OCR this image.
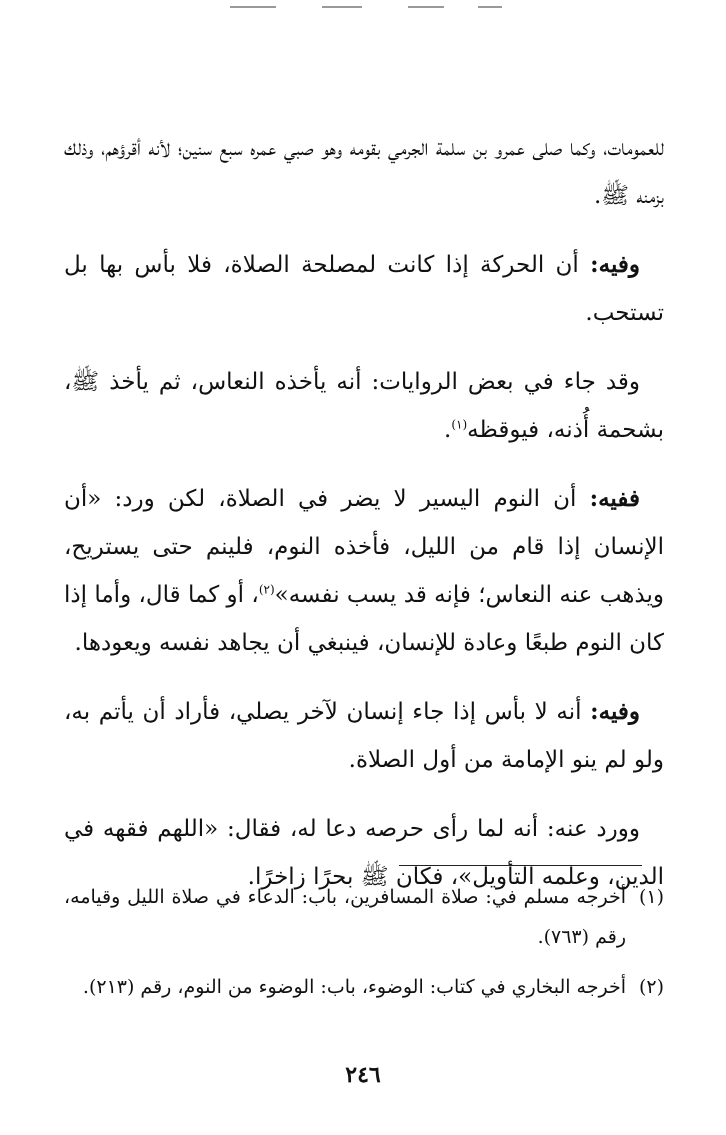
للعمومات، وكما صلى عمرو بن سلمة الجرمي بقومه وهو صبي عمره سبع سنين؛ لأنه أقرؤهم، وذلك بزمنه ﷺ.

وفيه: أن الحركة إذا كانت لمصلحة الصلاة، فلا بأس بها بل تستحب.

وقد جاء في بعض الروايات: أنه يأخذه النعاس، ثم يأخذ ﷺ، بشحمة أُذنه، فيوقظه$^{(١)}$.

ففيه: أن النوم اليسير لا يضر في الصلاة، لكن ورد: «أن الإنسان إذا قام من الليل، فأخذه النوم، فلينم حتى يستريح، ويذهب عنه النعاس؛ فإنه قد يسب نفسه»$^{(٢)}$، أو كما قال، وأما إذا كان النوم طبعًا وعادة للإنسان، فينبغي أن يجاهد نفسه ويعودها.

وفيه: أنه لا بأس إذا جاء إنسان لآخر يصلي، فأراد أن يأتم به، ولو لم ينو الإمامة من أول الصلاة.

وورد عنه: أنه لما رأى حرصه دعا له، فقال: «اللهم فقهه في الدين، وعلمه التأويل»، فكان ﷺ بحرًا زاخرًا.

(١)
أخرجه مسلم في: صلاة المسافرين، باب: الدعاء في صلاة الليل وقيامه، رقم (٧٦٣).
(٢)
أخرجه البخاري في كتاب: الوضوء، باب: الوضوء من النوم، رقم (٢١٣).
٢٤٦
